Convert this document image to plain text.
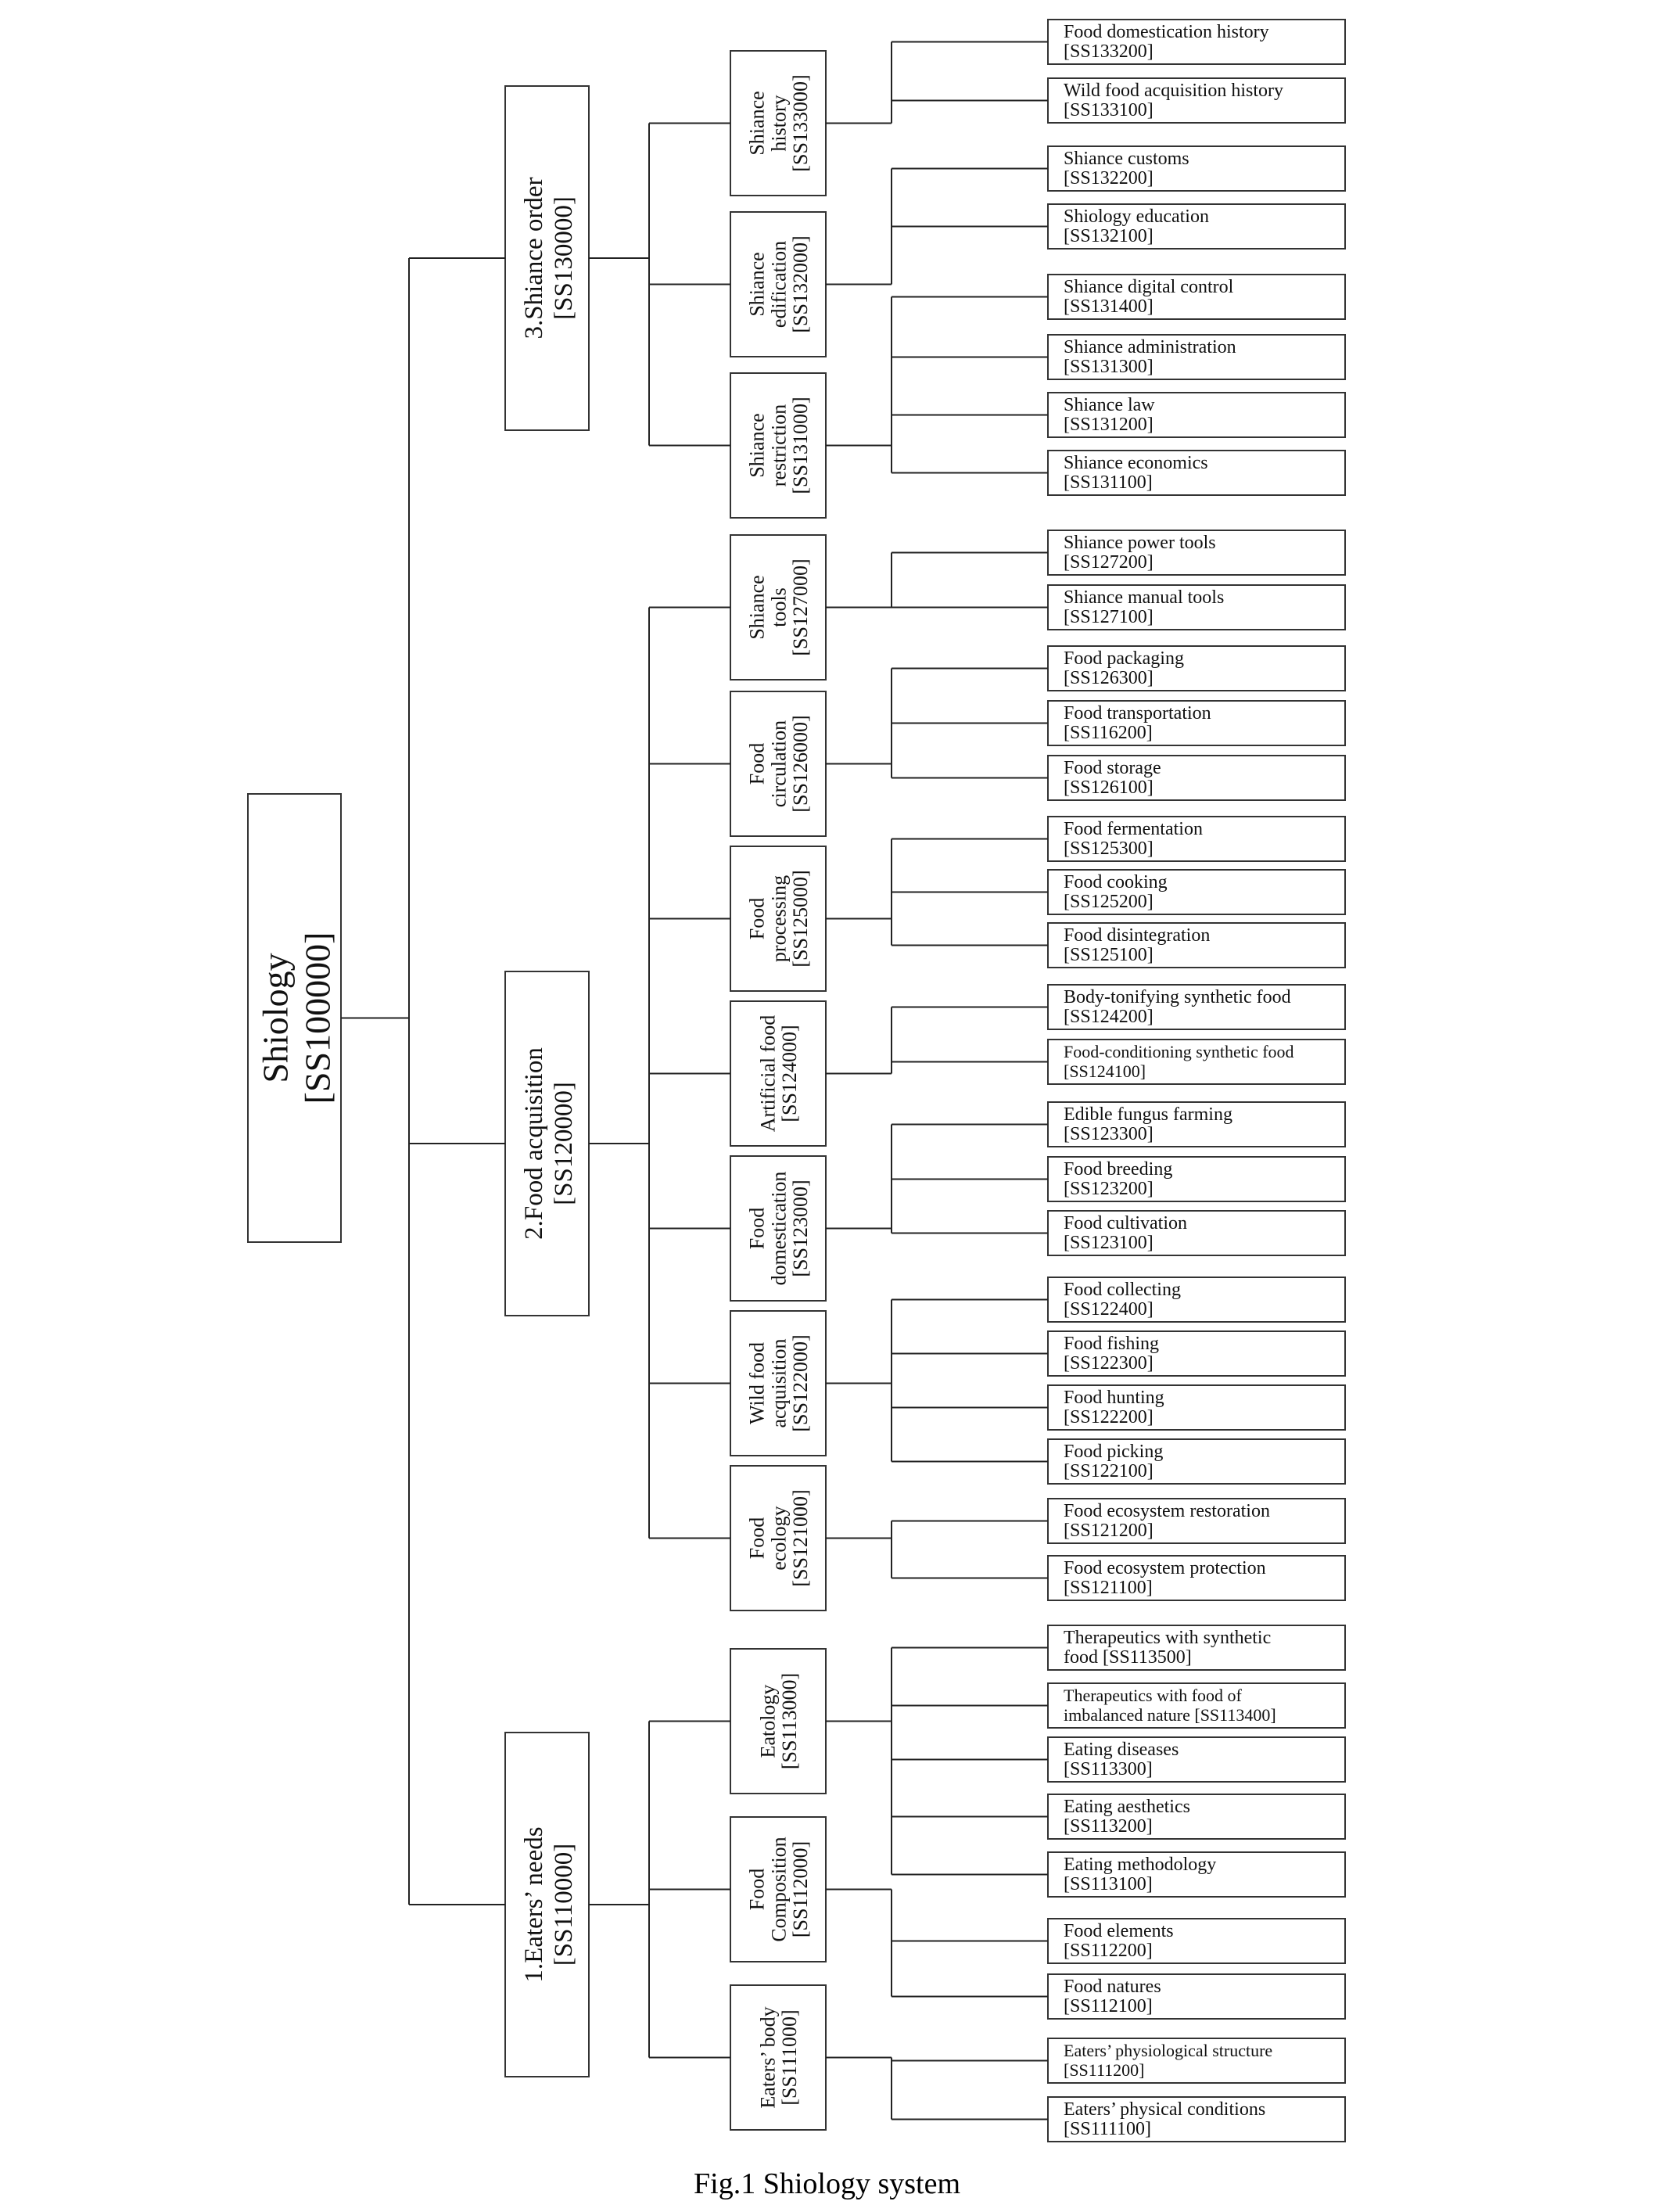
Shiology[SS100000]
3.Shiance order[SS130000]
Shiancehistory[SS133000]
Food domestication history [SS133200]
Wild food acquisition history [SS133100]
Shianceedification[SS132000]
Shiance customs [SS132200]
Shiology education [SS132100]
Shiancerestriction[SS131000]
Shiance digital control [SS131400]
Shiance administration [SS131300]
Shiance law [SS131200]
Shiance economics [SS131100]
2.Food acquisition[SS120000]
Shiancetools[SS127000]
Shiance power tools [SS127200]
Shiance manual tools [SS127100]
Foodcirculation[SS126000]
Food packaging [SS126300]
Food transportation [SS116200]
Food storage [SS126100]
Foodprocessing[SS125000]
Food fermentation [SS125300]
Food cooking [SS125200]
Food disintegration [SS125100]
Artificial food[SS124000]
Body-tonifying synthetic food [SS124200]
Food-conditioning synthetic food [SS124100]
Fooddomestication[SS123000]
Edible fungus farming [SS123300]
Food breeding [SS123200]
Food cultivation [SS123100]
Wild foodacquisition[SS122000]
Food collecting [SS122400]
Food fishing [SS122300]
Food hunting [SS122200]
Food picking [SS122100]
Foodecology[SS121000]	Food ecosystem restoration [SS121200]
Food ecosystem protection [SS121100]
1.Eaters’ needs[SS110000]
Eatology[SS113000]
Therapeutics with synthetic food [SS113500]
Therapeutics with food of imbalanced nature [SS113400]
Eating diseases [SS113300]
Eating aesthetics [SS113200]
Eating methodology [SS113100]
FoodComposition[SS112000]	Food elements [SS112200]
Food natures [SS112100]
Eaters’ body[SS111000]	Eaters’ physiological structure [SS111200]
Eaters’ physical conditions [SS111100]
Fig.1 Shiology system
